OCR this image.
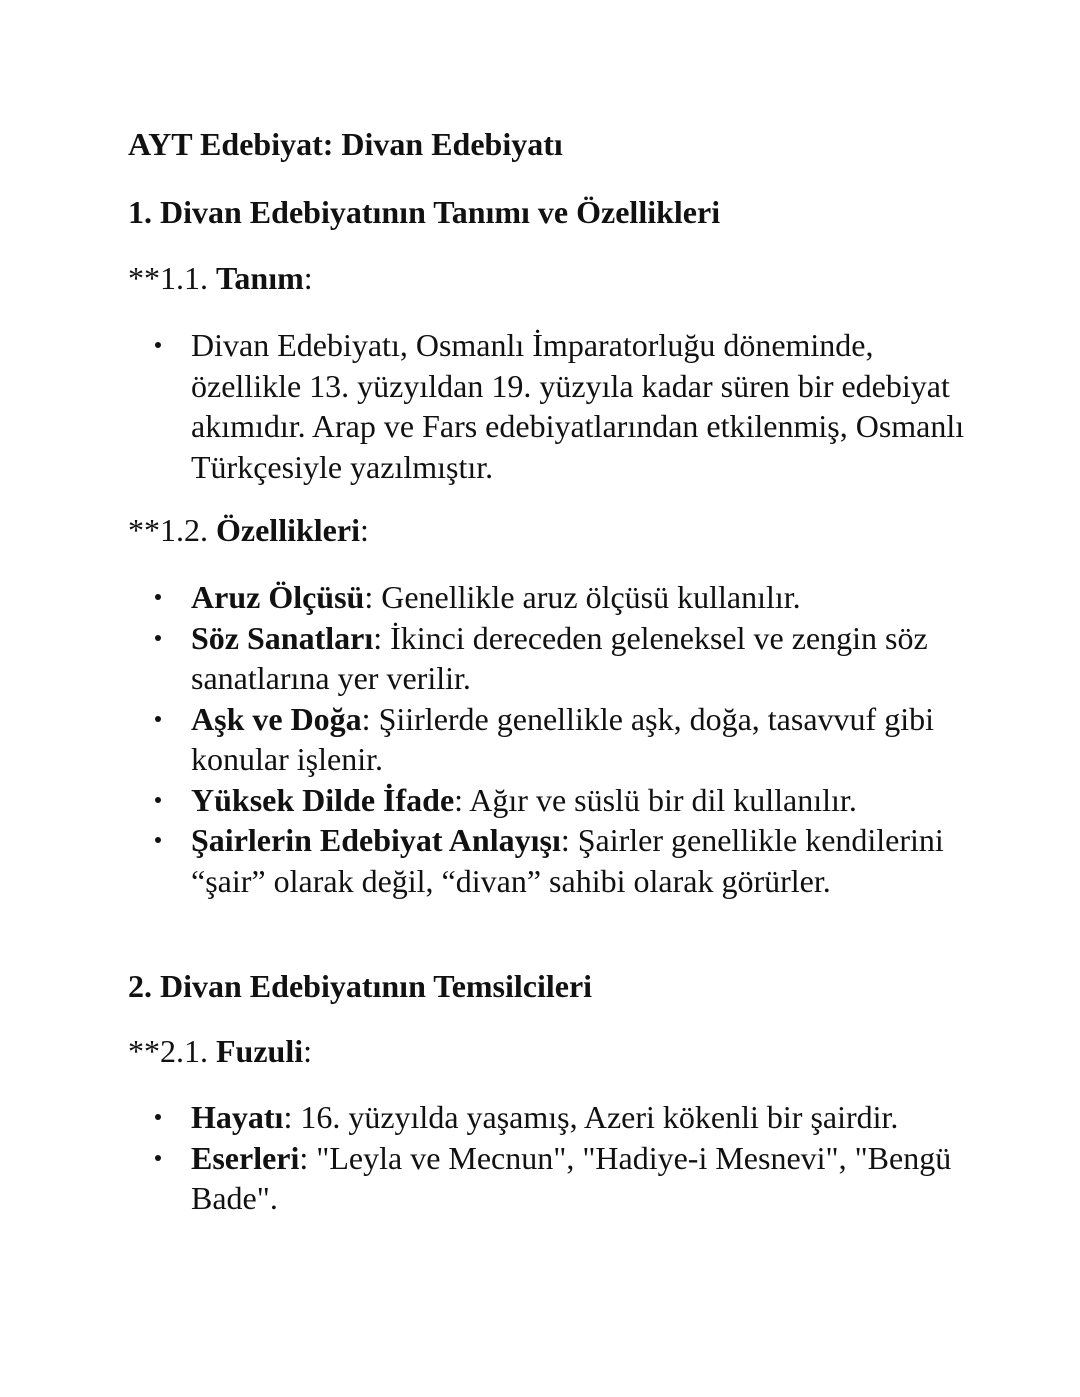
AYT Edebiyat: Divan Edebiyatı
1. Divan Edebiyatının Tanımı ve Özellikleri

**1.1. Tanım:

Divan Edebiyatı, Osmanlı İmparatorluğu döneminde, özellikle 13. yüzyıldan 19. yüzyıla kadar süren bir edebiyat akımıdır. Arap ve Fars edebiyatlarından etkilenmiş, Osmanlı Türkçesiyle yazılmıştır.

**1.2. Özellikleri:

Aruz Ölçüsü: Genellikle aruz ölçüsü kullanılır.
Söz Sanatları: İkinci dereceden geleneksel ve zengin söz sanatlarına yer verilir.
Aşk ve Doğa: Şiirlerde genellikle aşk, doğa, tasavvuf gibi konular işlenir.
Yüksek Dilde İfade: Ağır ve süslü bir dil kullanılır.
Şairlerin Edebiyat Anlayışı: Şairler genellikle kendilerini “şair” olarak değil, “divan” sahibi olarak görürler.
2. Divan Edebiyatının Temsilcileri

**2.1. Fuzuli:

Hayatı: 16. yüzyılda yaşamış, Azeri kökenli bir şairdir.
Eserleri: "Leyla ve Mecnun", "Hadiye-i Mesnevi", "Bengü Bade".
